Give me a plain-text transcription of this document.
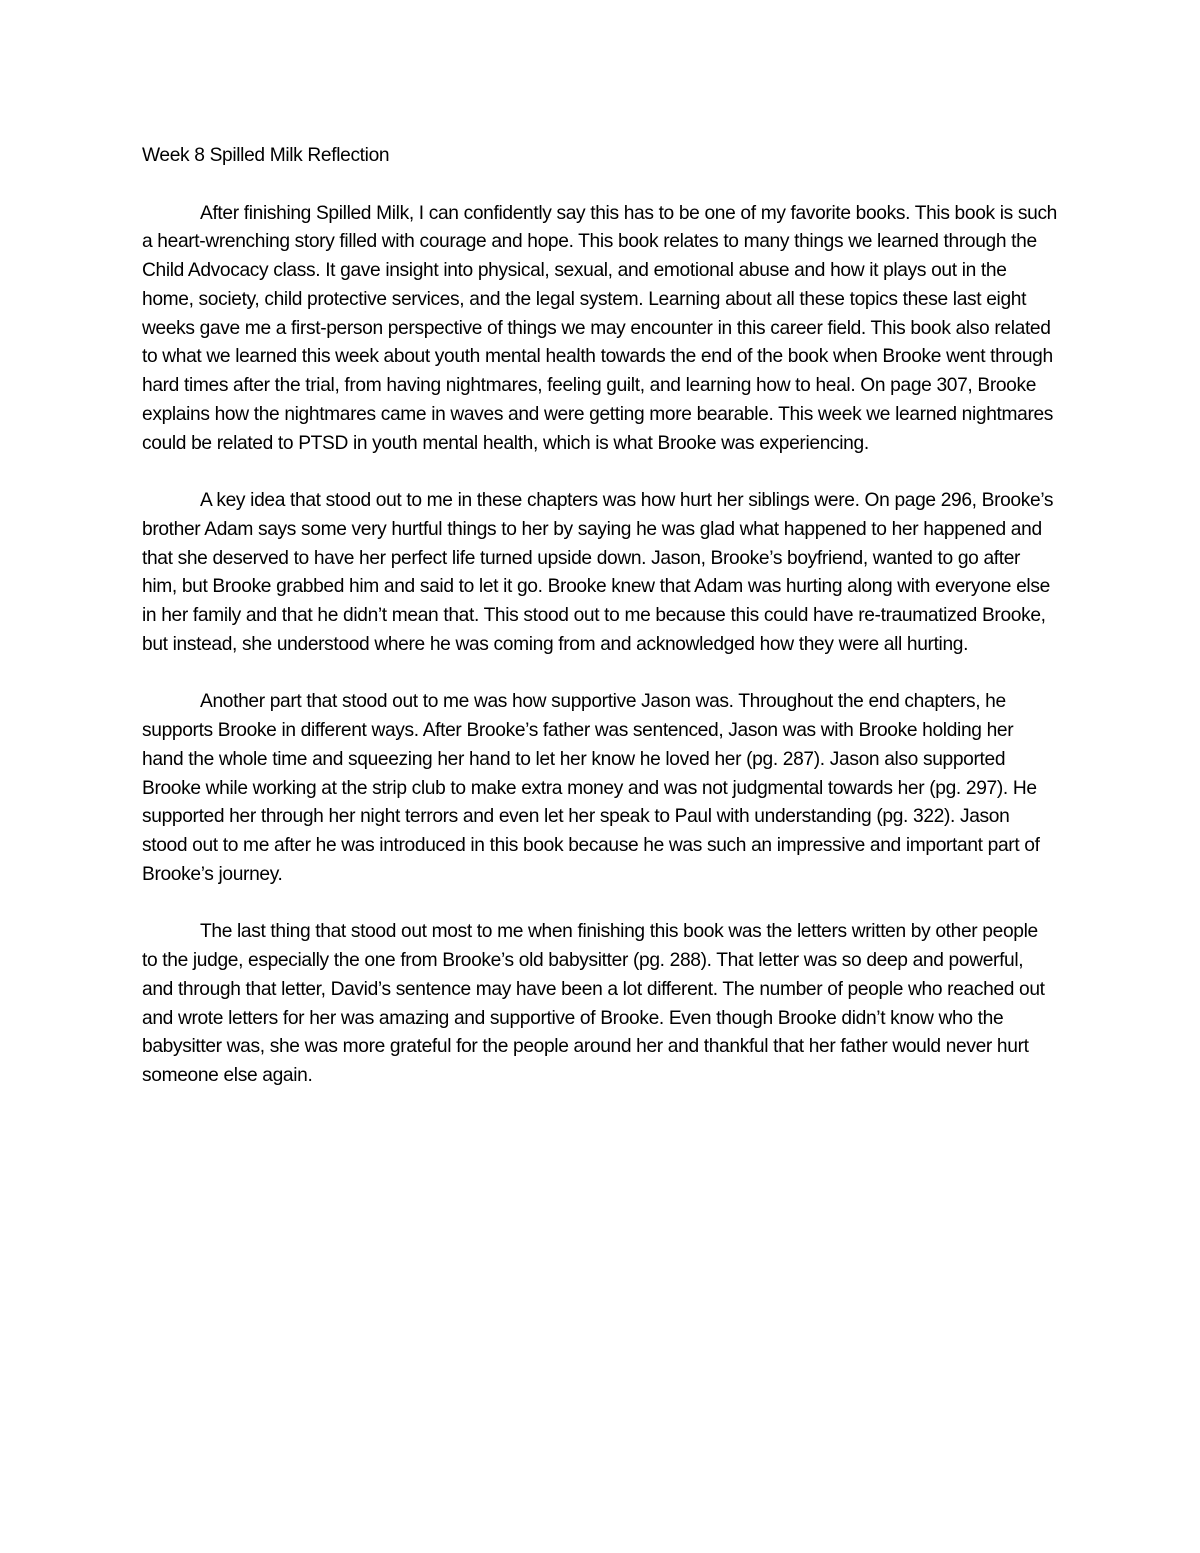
Week 8 Spilled Milk Reflection

After finishing Spilled Milk, I can confidently say this has to be one of my favorite books. This book is such a heart-wrenching story filled with courage and hope. This book relates to many things we learned through the Child Advocacy class. It gave insight into physical, sexual, and emotional abuse and how it plays out in the home, society, child protective services, and the legal system. Learning about all these topics these last eight weeks gave me a first-person perspective of things we may encounter in this career field. This book also related to what we learned this week about youth mental health towards the end of the book when Brooke went through hard times after the trial, from having nightmares, feeling guilt, and learning how to heal. On page 307, Brooke explains how the nightmares came in waves and were getting more bearable. This week we learned nightmares could be related to PTSD in youth mental health, which is what Brooke was experiencing.

A key idea that stood out to me in these chapters was how hurt her siblings were. On page 296, Brooke’s brother Adam says some very hurtful things to her by saying he was glad what happened to her happened and that she deserved to have her perfect life turned upside down. Jason, Brooke’s boyfriend, wanted to go after him, but Brooke grabbed him and said to let it go. Brooke knew that Adam was hurting along with everyone else in her family and that he didn’t mean that. This stood out to me because this could have re-traumatized Brooke, but instead, she understood where he was coming from and acknowledged how they were all hurting.

Another part that stood out to me was how supportive Jason was. Throughout the end chapters, he supports Brooke in different ways. After Brooke’s father was sentenced, Jason was with Brooke holding her hand the whole time and squeezing her hand to let her know he loved her (pg. 287). Jason also supported Brooke while working at the strip club to make extra money and was not judgmental towards her (pg. 297). He supported her through her night terrors and even let her speak to Paul with understanding (pg. 322). Jason stood out to me after he was introduced in this book because he was such an impressive and important part of Brooke’s journey.

The last thing that stood out most to me when finishing this book was the letters written by other people to the judge, especially the one from Brooke’s old babysitter (pg. 288). That letter was so deep and powerful, and through that letter, David’s sentence may have been a lot different. The number of people who reached out and wrote letters for her was amazing and supportive of Brooke. Even though Brooke didn’t know who the babysitter was, she was more grateful for the people around her and thankful that her father would never hurt someone else again.
